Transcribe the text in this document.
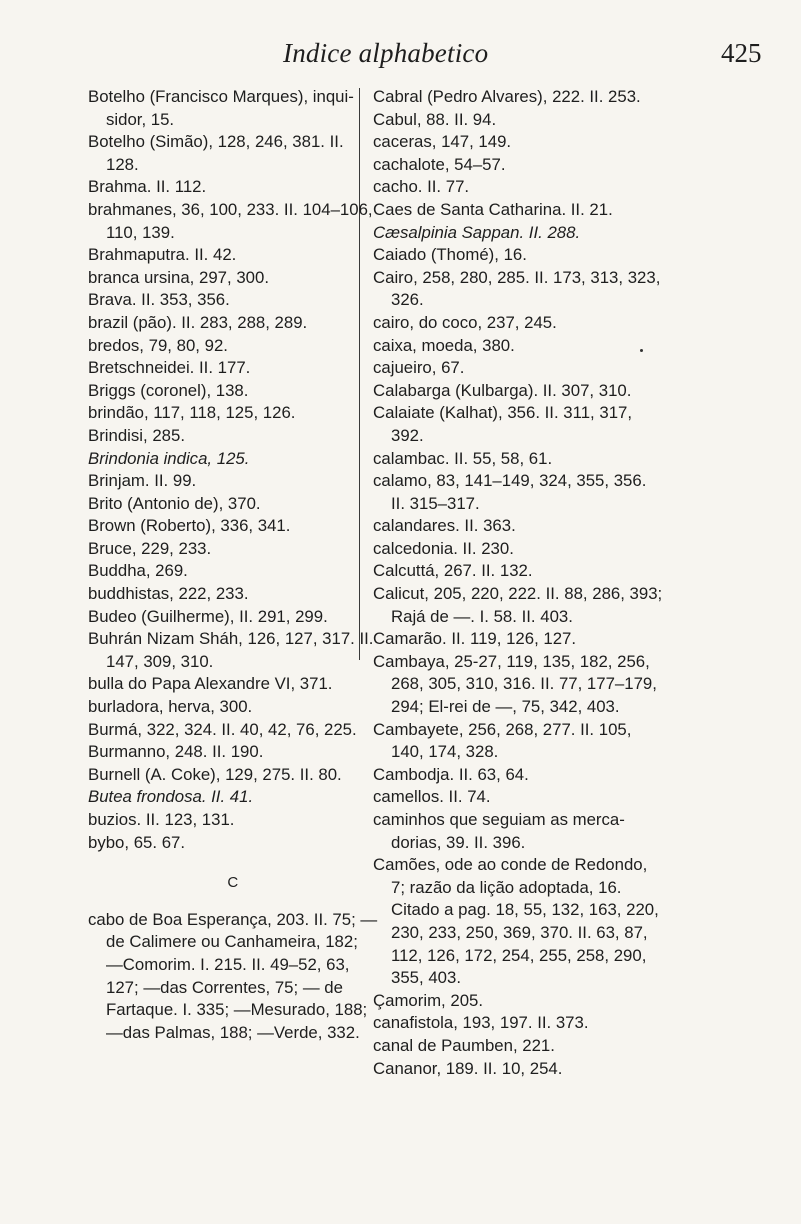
Indice alphabetico	425
Botelho (Francisco Marques), inqui-sidor, 15.
Botelho (Simão), 128, 246, 381. II. 128.
Brahma. II. 112.
brahmanes, 36, 100, 233. II. 104–106, 110, 139.
Brahmaputra. II. 42.
branca ursina, 297, 300.
Brava. II. 353, 356.
brazil (pão). II. 283, 288, 289.
bredos, 79, 80, 92.
Bretschneidei. II. 177.
Briggs (coronel), 138.
brindão, 117, 118, 125, 126.
Brindisi, 285.
Brindonia indica, 125.
Brinjam. II. 99.
Brito (Antonio de), 370.
Brown (Roberto), 336, 341.
Bruce, 229, 233.
Buddha, 269.
buddhistas, 222, 233.
Budeo (Guilherme), II. 291, 299.
Buhrán Nizam Sháh, 126, 127, 317. II. 147, 309, 310.
bulla do Papa Alexandre VI, 371.
burladora, herva, 300.
Burmá, 322, 324. II. 40, 42, 76, 225.
Burmanno, 248. II. 190.
Burnell (A. Coke), 129, 275. II. 80.
Butea frondosa. II. 41.
buzios. II. 123, 131.
bybo, 65. 67.
C
cabo de Boa Esperança, 203. II. 75; —de Calimere ou Canhameira, 182; —Comorim. I. 215. II. 49–52, 63, 127; —das Correntes, 75; — de Fartaque. I. 335; —Mesurado, 188; —das Palmas, 188; —Verde, 332.
Cabral (Pedro Alvares), 222. II. 253.
Cabul, 88. II. 94.
caceras, 147, 149.
cachalote, 54–57.
cacho. II. 77.
Caes de Santa Catharina. II. 21.
Cæsalpinia Sappan. II. 288.
Caiado (Thomé), 16.
Cairo, 258, 280, 285. II. 173, 313, 323, 326.
cairo, do coco, 237, 245.
caixa, moeda, 380.
cajueiro, 67.
Calabarga (Kulbarga). II. 307, 310.
Calaiate (Kalhat), 356. II. 311, 317, 392.
calambac. II. 55, 58, 61.
calamo, 83, 141–149, 324, 355, 356. II. 315–317.
calandares. II. 363.
calcedonia. II. 230.
Calcuttá, 267. II. 132.
Calicut, 205, 220, 222. II. 88, 286, 393; Rajá de —. I. 58. II. 403.
Camarão. II. 119, 126, 127.
Cambaya, 25-27, 119, 135, 182, 256, 268, 305, 310, 316. II. 77, 177–179, 294; El-rei de —, 75, 342, 403.
Cambayete, 256, 268, 277. II. 105, 140, 174, 328.
Cambodja. II. 63, 64.
camellos. II. 74.
caminhos que seguiam as merca-dorias, 39. II. 396.
Camões, ode ao conde de Redondo, 7; razão da lição adoptada, 16. Citado a pag. 18, 55, 132, 163, 220, 230, 233, 250, 369, 370. II. 63, 87, 112, 126, 172, 254, 255, 258, 290, 355, 403.
Çamorim, 205.
canafistola, 193, 197. II. 373.
canal de Paumben, 221.
Cananor, 189. II. 10, 254.
